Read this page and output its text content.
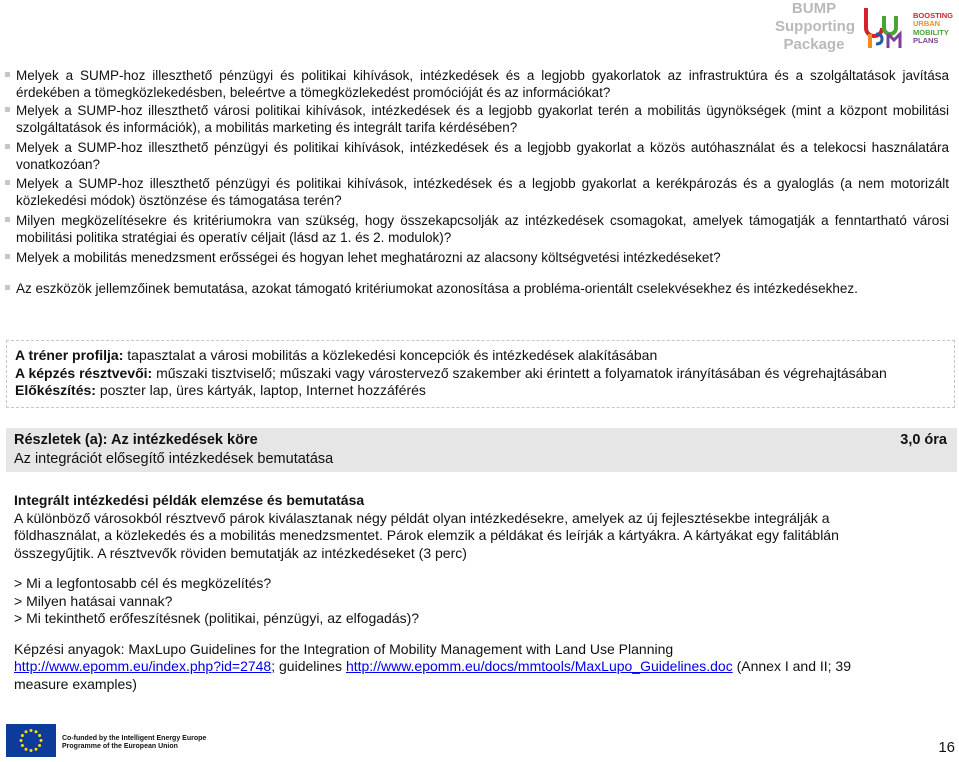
BUMP
Supporting
Package
BOOSTING
URBAN
MOBILITY
PLANS
Melyek a SUMP-hoz illeszthető pénzügyi és politikai kihívások, intézkedések és a legjobb gyakorlatok az infrastruktúra és a szolgáltatások javítása érdekében a tömegközlekedésben, beleértve a tömegközlekedést promócióját és az információkat?
Melyek a SUMP-hoz illeszthető városi politikai kihívások, intézkedések és a legjobb gyakorlat terén a mobilitás ügynökségek (mint a központ mobilitási szolgáltatások és információk), a mobilitás marketing és integrált tarifa kérdésében?
Melyek a SUMP-hoz illeszthető pénzügyi és politikai kihívások, intézkedések és a legjobb gyakorlat a közös autóhasználat és a telekocsi használatára vonatkozóan?
Melyek a SUMP-hoz illeszthető pénzügyi és politikai kihívások, intézkedések és a legjobb gyakorlat a kerékpározás és a gyaloglás (a nem motorizált közlekedési módok) ösztönzése és támogatása terén?
Milyen megközelítésekre és kritériumokra van szükség, hogy összekapcsolják az intézkedések csomagokat, amelyek támogatják a fenntartható városi mobilitási politika stratégiai és operatív céljait (lásd az 1. és 2. modulok)?
Melyek a mobilitás menedzsment erősségei és hogyan lehet meghatározni az alacsony költségvetési intézkedéseket?
Az eszközök jellemzőinek bemutatása, azokat támogató kritériumokat azonosítása a probléma-orientált cselekvésekhez és intézkedésekhez.
A tréner profilja: tapasztalat a városi mobilitás a közlekedési koncepciók és intézkedések alakításában
A képzés résztvevői: műszaki tisztviselő; műszaki vagy várostervező szakember aki érintett a folyamatok irányításában és végrehajtásában
Előkészítés: poszter lap, üres kártyák, laptop, Internet hozzáférés
Részletek (a): Az intézkedések köre
Az integrációt elősegítő intézkedések bemutatása
3,0 óra
Integrált intézkedési példák elemzése és bemutatása
A különböző városokból résztvevő párok kiválasztanak négy példát olyan intézkedésekre, amelyek az új fejlesztésekbe integrálják a földhasználat, a közlekedés és a mobilitás menedzsmentet. Párok elemzik a példákat és leírják a kártyákra. A kártyákat egy falitáblán összegyűjtik. A résztvevők röviden bemutatják az intézkedéseket (3 perc)
> Mi a legfontosabb cél és megközelítés?
> Milyen hatásai vannak?
> Mi tekinthető erőfeszítésnek (politikai, pénzügyi, az elfogadás)?
Képzési anyagok: MaxLupo Guidelines for the Integration of Mobility Management with Land Use Planning
http://www.epomm.eu/index.php?id=2748; guidelines http://www.epomm.eu/docs/mmtools/MaxLupo_Guidelines.doc (Annex I and II; 39 measure examples)
Co-funded by the Intelligent Energy Europe
Programme of the European Union	16
